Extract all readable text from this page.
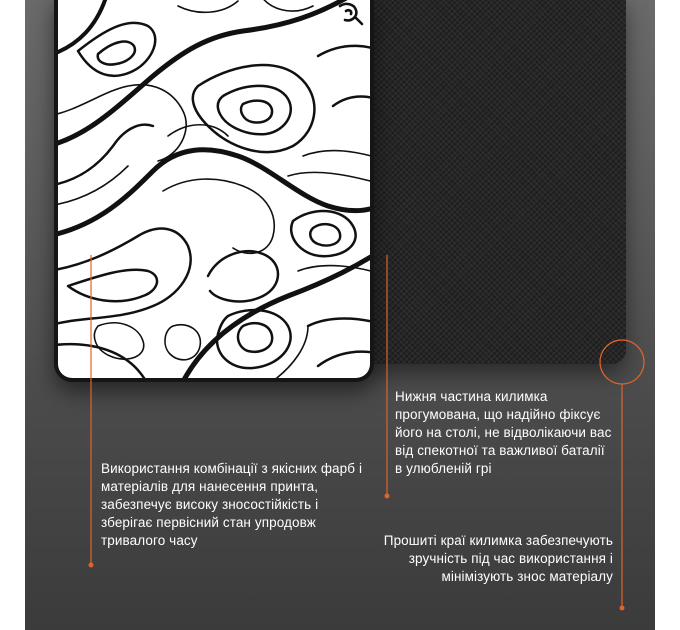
Використання комбінації з якісних фарб і матеріалів для нанесення принта, забезпечує високу зносостійкість і зберігає первісний стан упродовж тривалого часу
Нижня частина килимка прогумована, що надійно фіксує його на столі, не відволікаючи вас від спекотної та важливої баталії в улюбленій грі
Прошиті краї килимка забезпечують зручність під час використання і мінімізують знос матеріалу
